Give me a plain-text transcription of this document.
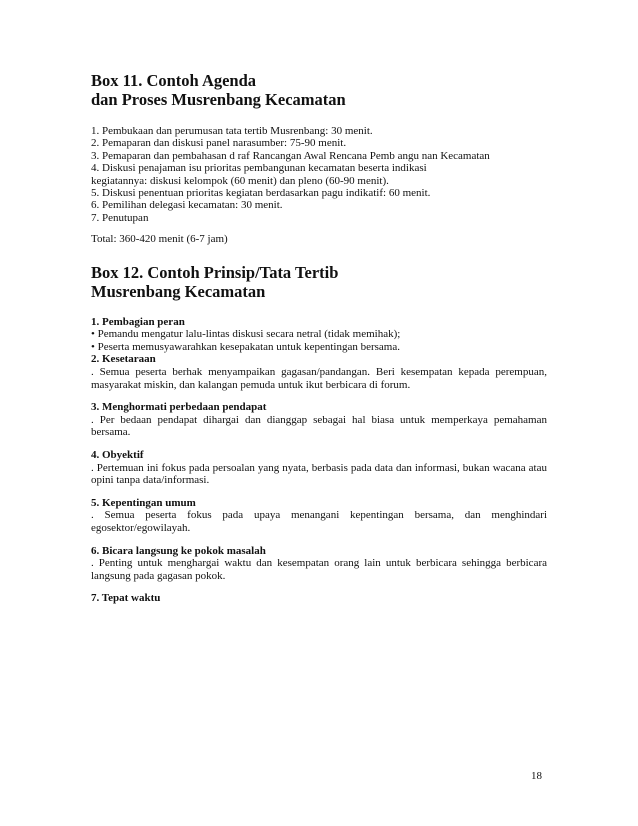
Box 11. Contoh Agenda
dan Proses Musrenbang Kecamatan
1. Pembukaan dan perumusan tata tertib Musrenbang: 30 menit.
2. Pemaparan dan diskusi panel narasumber: 75-90 menit.
3. Pemaparan dan pembahasan d raf Rancangan Awal Rencana Pemb angu nan Kecamatan
4. Diskusi penajaman isu prioritas pembangunan kecamatan beserta indikasi
kegiatannya: diskusi kelompok (60 menit) dan pleno (60-90 menit).
5. Diskusi penentuan prioritas kegiatan berdasarkan pagu indikatif: 60 menit.
6. Pemilihan delegasi kecamatan: 30 menit.
7. Penutupan
Total: 360-420 menit (6-7 jam)
Box 12. Contoh Prinsip/Tata Tertib
Musrenbang Kecamatan
1. Pembagian peran
• Pemandu mengatur lalu-lintas diskusi secara netral (tidak memihak);
• Peserta memusyawarahkan kesepakatan untuk kepentingan bersama.
2. Kesetaraan
. Semua peserta berhak menyampaikan gagasan/pandangan. Beri kesempatan kepada perempuan, masyarakat miskin, dan kalangan pemuda untuk ikut berbicara di forum.
3. Menghormati perbedaan pendapat
. Per bedaan pendapat dihargai dan dianggap sebagai hal biasa untuk memperkaya pemahaman bersama.
4. Obyektif
. Pertemuan ini fokus pada persoalan yang nyata, berbasis pada data dan informasi, bukan wacana atau opini tanpa data/informasi.
5. Kepentingan umum
. Semua peserta fokus pada upaya menangani kepentingan bersama, dan menghindari egosektor/egowilayah.
6. Bicara langsung ke pokok masalah
. Penting untuk menghargai waktu dan kesempatan orang lain untuk berbicara sehingga berbicara langsung pada gagasan pokok.
7. Tepat waktu
18
